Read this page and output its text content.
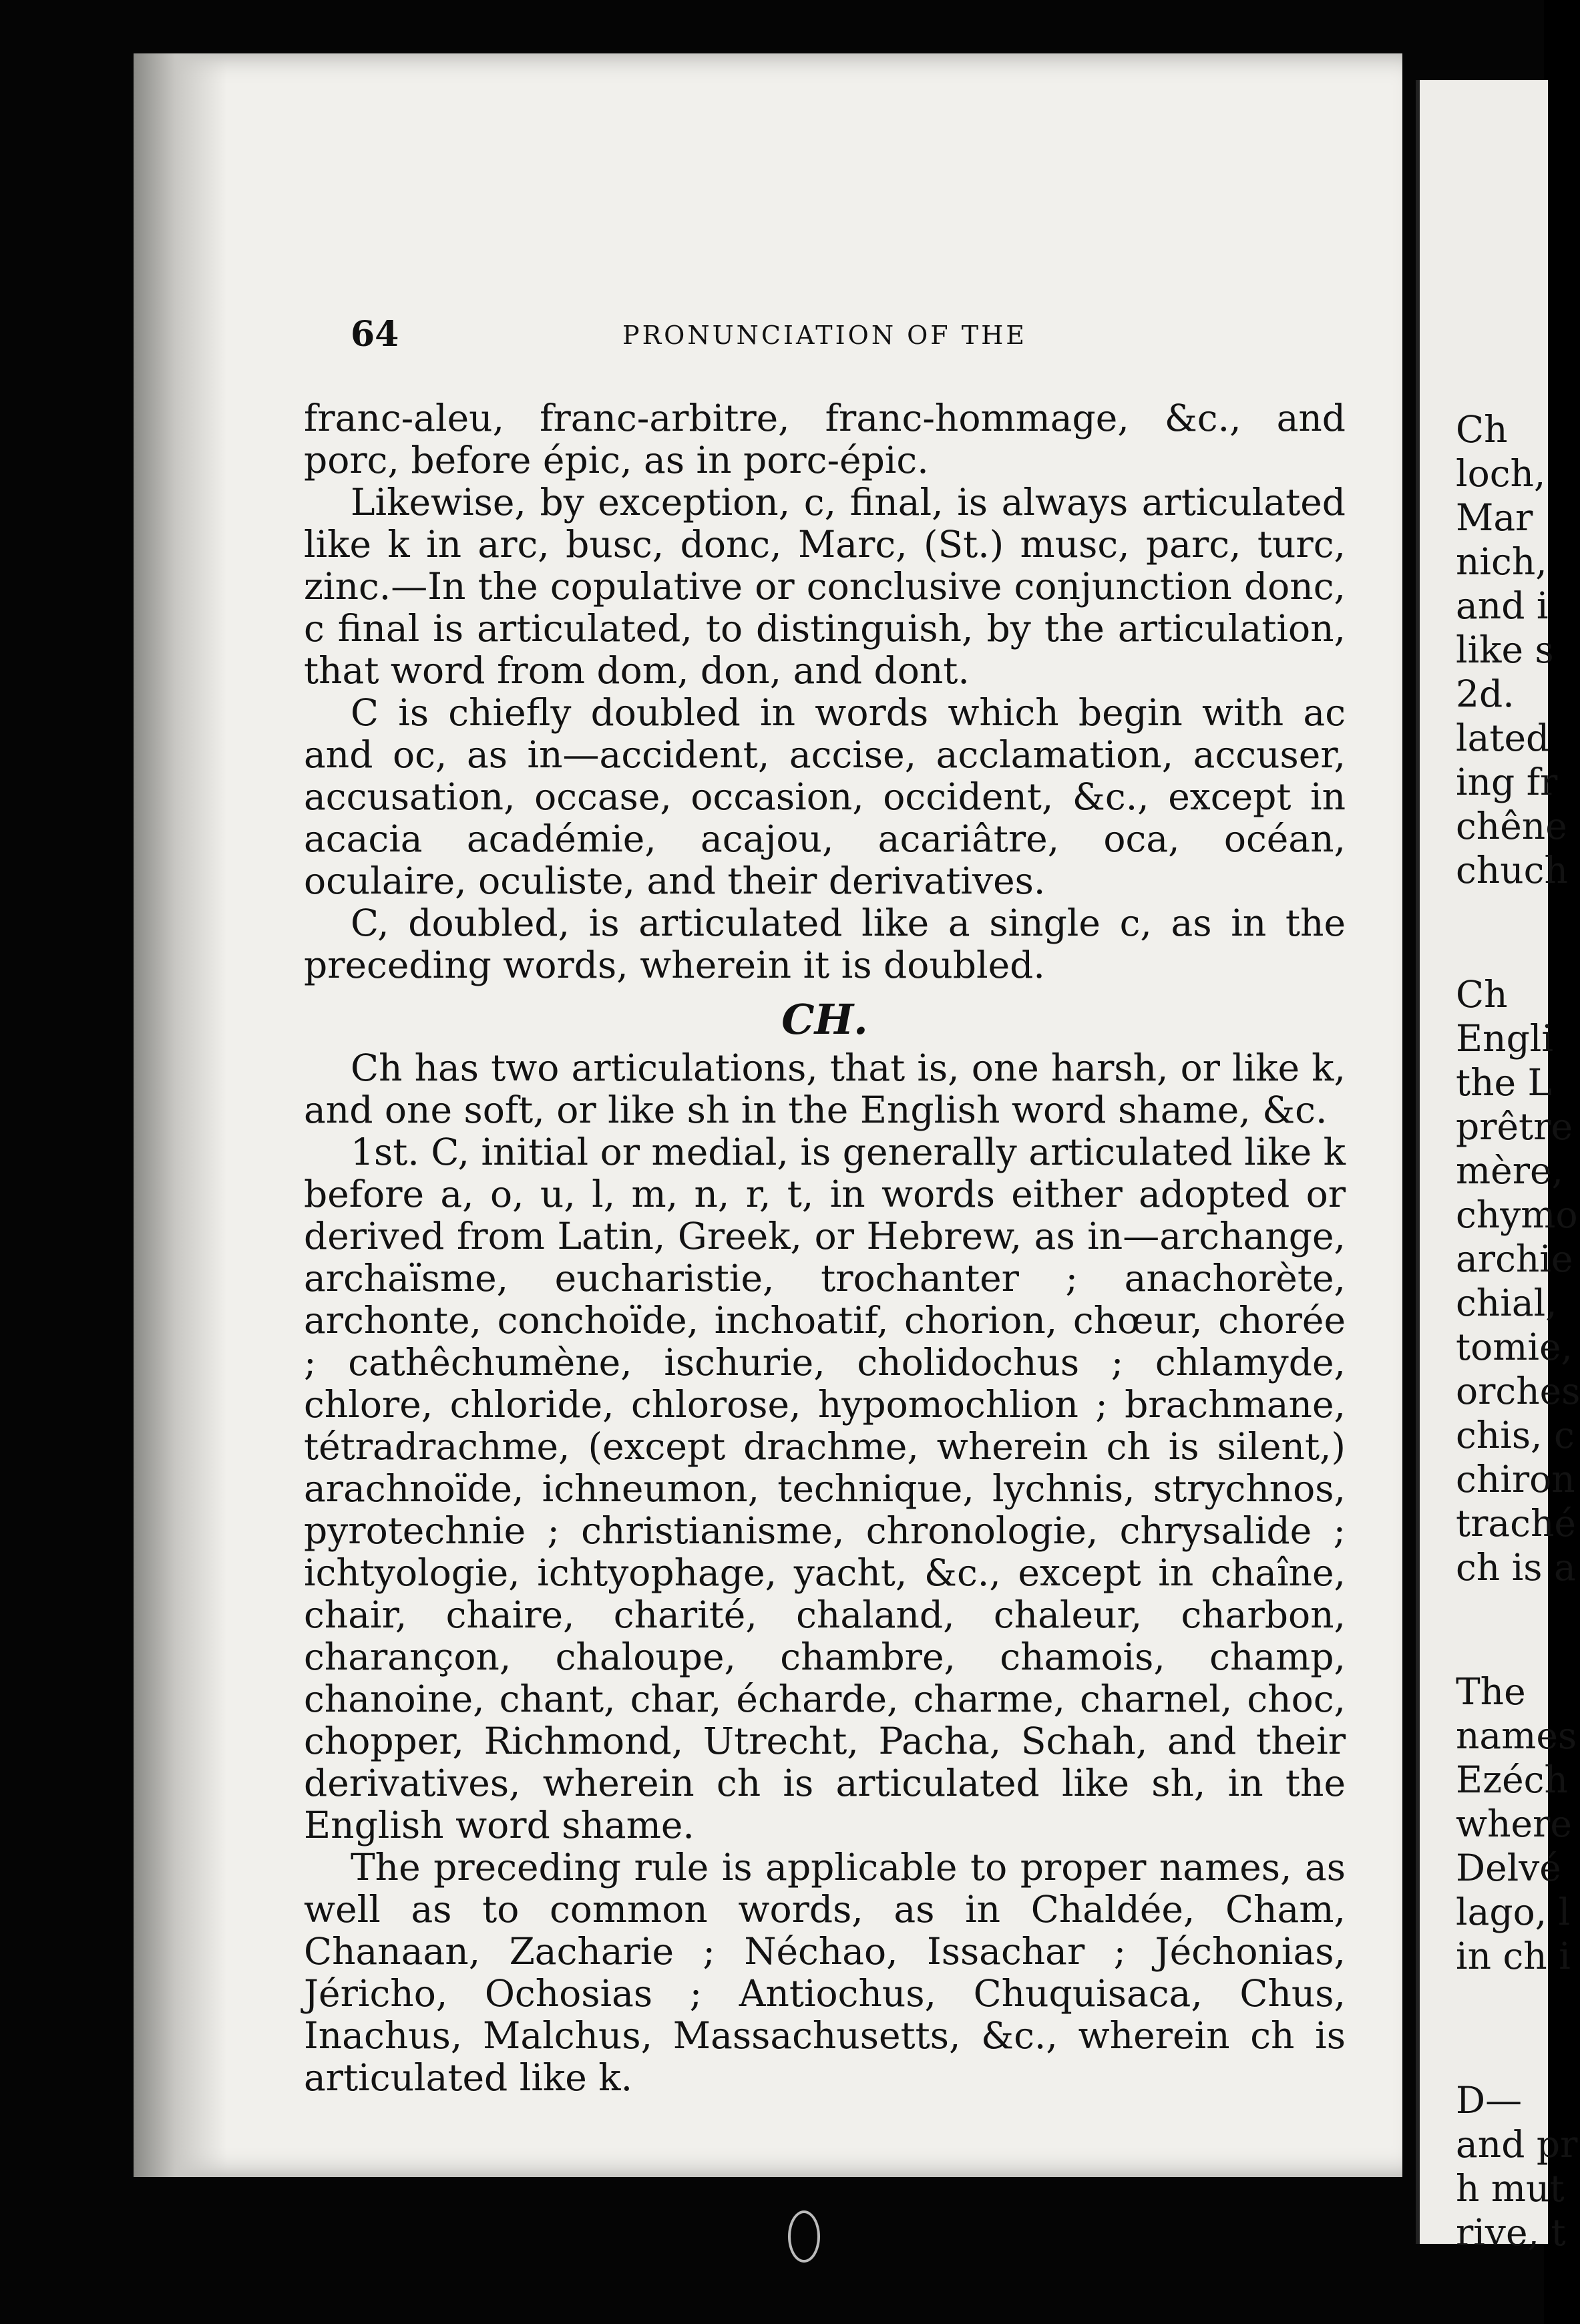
64	PRONUNCIATION OF THE

franc-aleu, franc-arbitre, franc-hommage, &c., and porc, before épic, as in porc-épic.

Likewise, by exception, c, final, is always articulated like k in arc, busc, donc, Marc, (St.) musc, parc, turc, zinc.—In the copulative or conclusive conjunction donc, c final is articulated, to distinguish, by the articulation, that word from dom, don, and dont.

C is chiefly doubled in words which begin with ac and oc, as in—accident, accise, acclamation, accuser, accusation, occase, occasion, occident, &c., except in acacia académie, acajou, acariâtre, oca, océan, oculaire, oculiste, and their derivatives.

C, doubled, is articulated like a single c, as in the preceding words, wherein it is doubled.

CH.

Ch has two articulations, that is, one harsh, or like k, and one soft, or like sh in the English word shame, &c.

1st. C, initial or medial, is generally articulated like k before a, o, u, l, m, n, r, t, in words either adopted or derived from Latin, Greek, or Hebrew, as in—archange, archaïsme, eucharistie, trochanter ; anachorète, archonte, conchoïde, inchoatif, chorion, chœur, chorée ; cathêchumène, ischurie, cholidochus ; chlamyde, chlore, chloride, chlorose, hypomochlion ; brachmane, tétradrachme, (except drachme, wherein ch is silent,) arachnoïde, ichneumon, technique, lychnis, strychnos, pyrotechnie ; christianisme, chronologie, chrysalide ; ichtyologie, ichtyophage, yacht, &c., except in chaîne, chair, chaire, charité, chaland, chaleur, charbon, charançon, chaloupe, chambre, chamois, champ, chanoine, chant, char, écharde, charme, charnel, choc, chopper, Richmond, Utrecht, Pacha, Schah, and their derivatives, wherein ch is articulated like sh, in the English word shame.

The preceding rule is applicable to proper names, as well as to common words, as in Chaldée, Cham, Chanaan, Zacharie ; Néchao, Issachar ; Jéchonias, Jéricho, Ochosias ; Antiochus, Chuquisaca, Chus, Inachus, Malchus, Massachusetts, &c., wherein ch is articulated like k.

Ch
loch,
Mar
nich,
and i
like s
2d.
lated
ing fr
chêne
chuch
Ch
Engli
the L
prêtre
mère,
chymo
archie
chial,
tomie,
orches
chis, c
chiron
traché
ch is a
The
names
Ezéch
where
Delvé
lago, l
in ch i
D—
and pr
h mut
rive, t
